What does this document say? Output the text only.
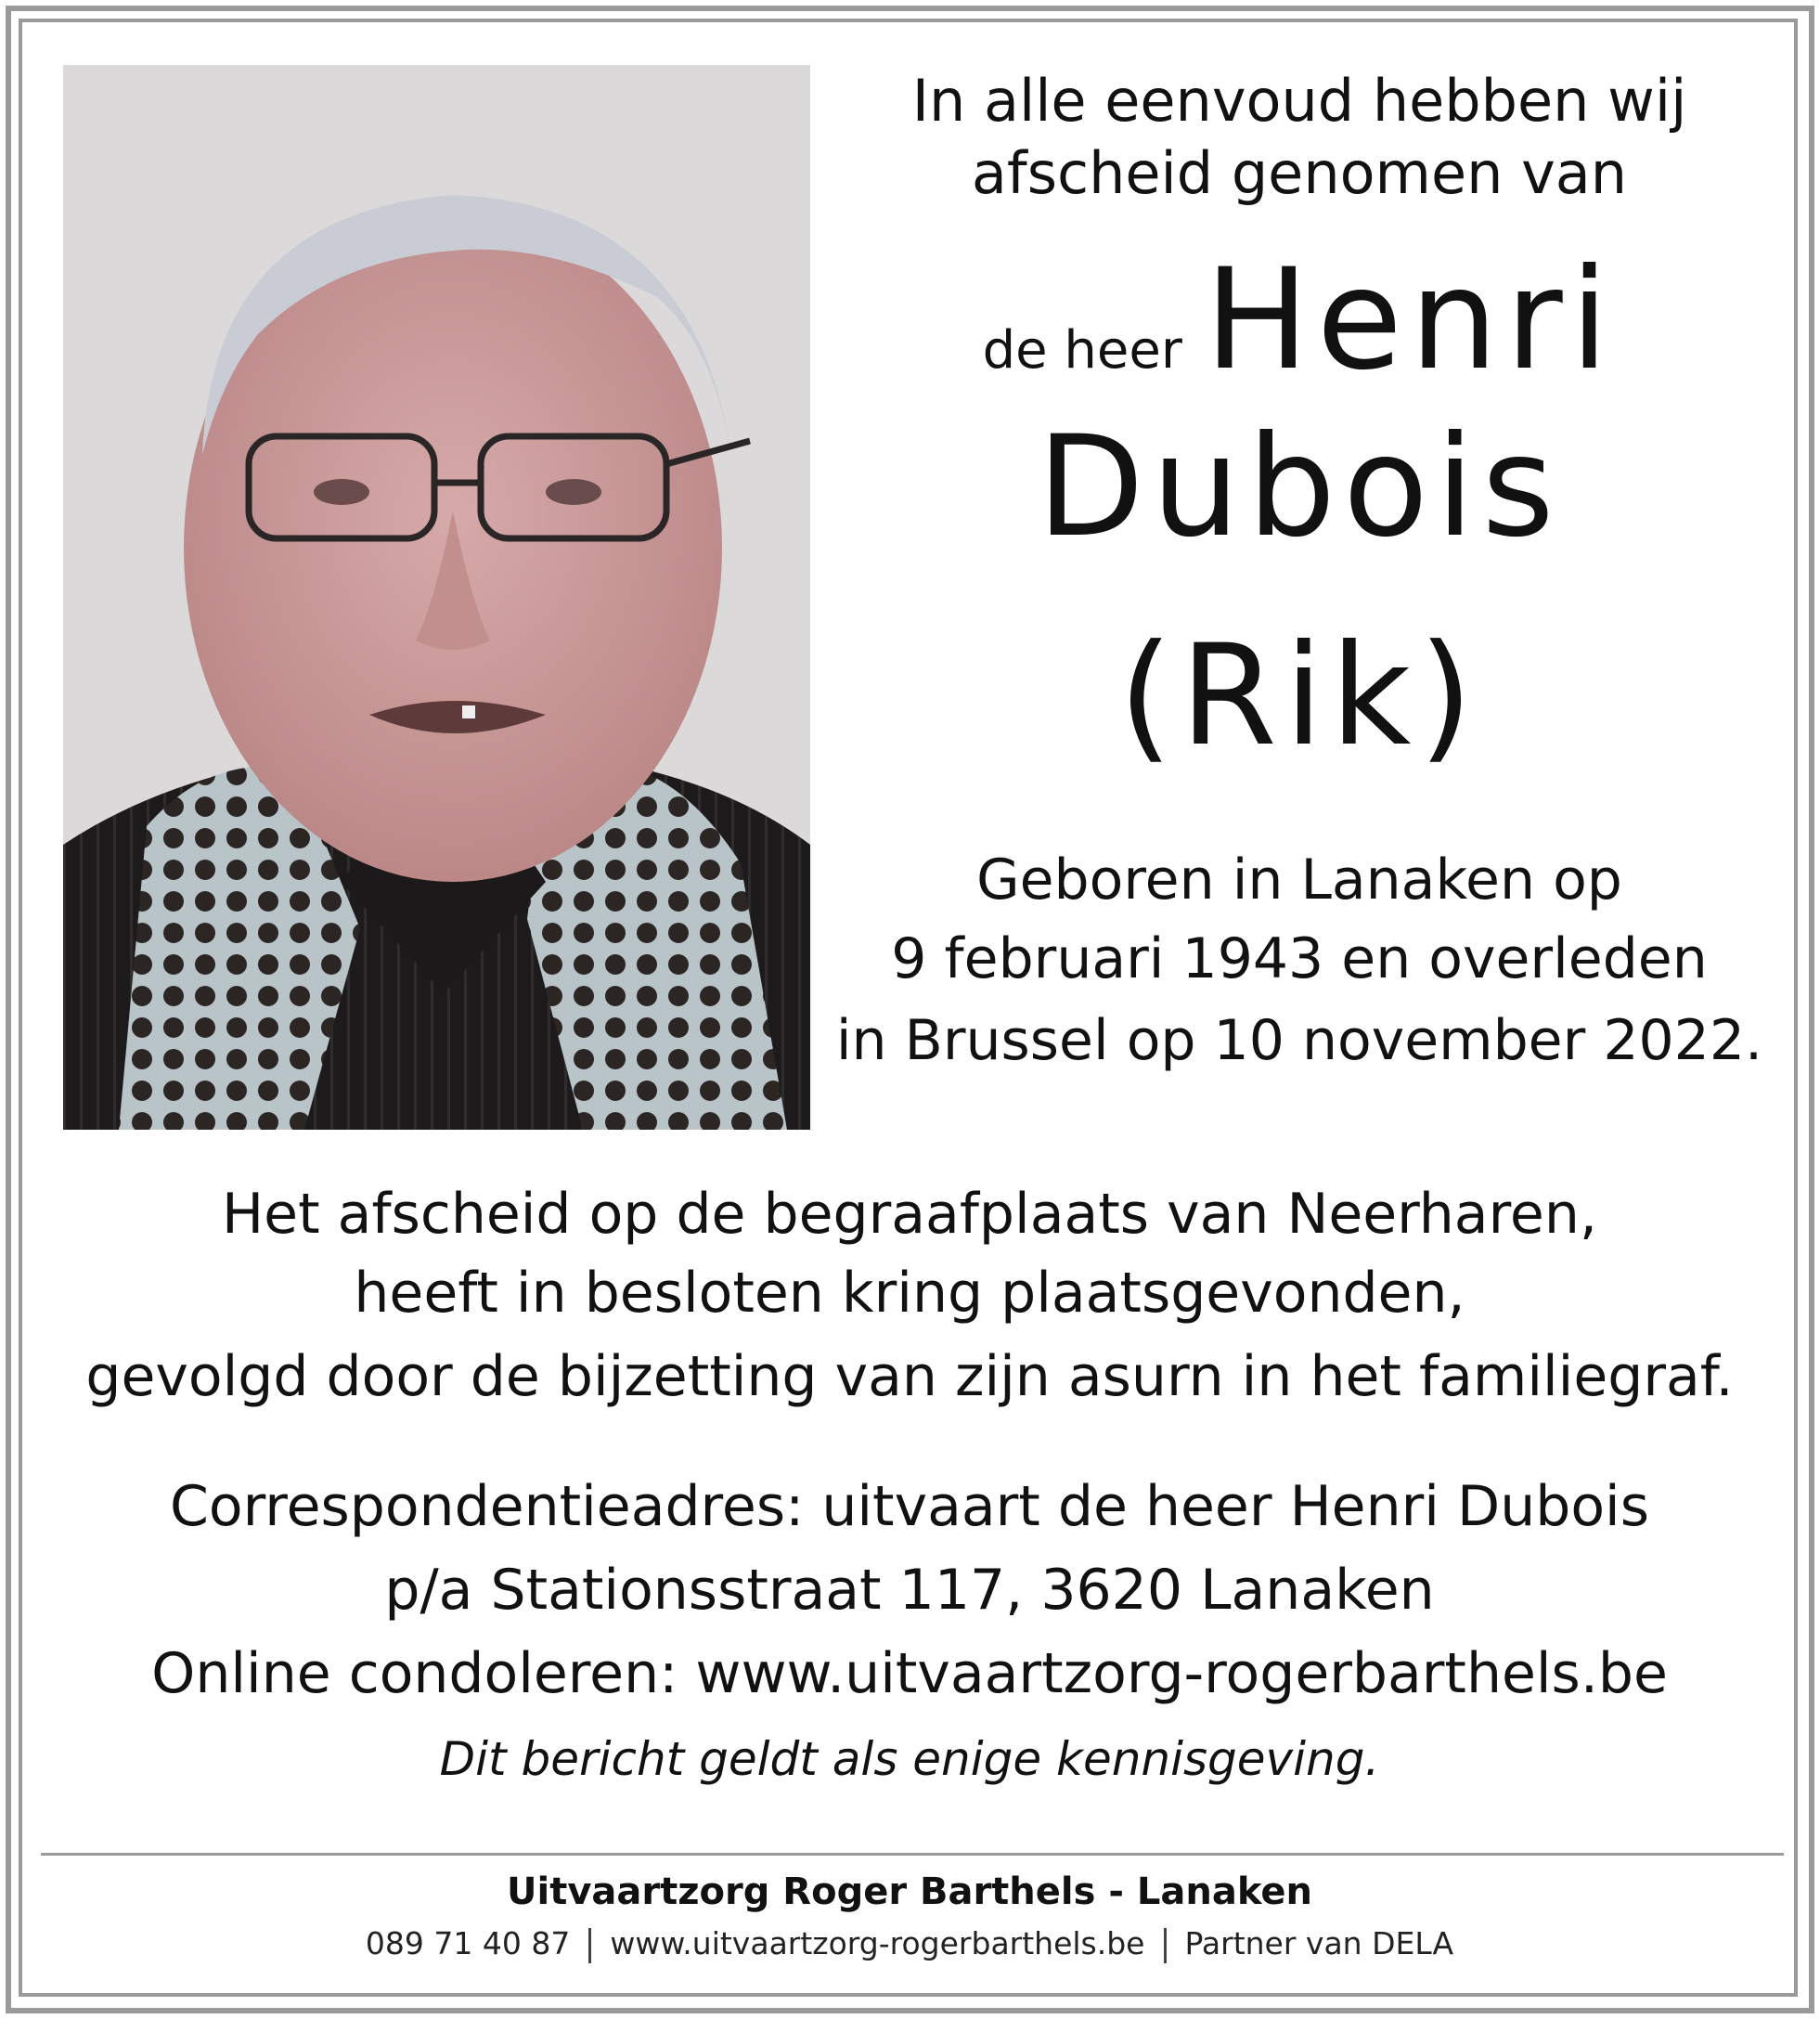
In alle eenvoud hebben wij
afscheid genomen van
de heer Henri
Dubois
(Rik)
Geboren in Lanaken op
9 februari 1943 en overleden
in Brussel op 10 november 2022.
Het afscheid op de begraafplaats van Neerharen,
heeft in besloten kring plaatsgevonden,
gevolgd door de bijzetting van zijn asurn in het familiegraf.
Correspondentieadres: uitvaart de heer Henri Dubois
p/a Stationsstraat 117, 3620 Lanaken
Online condoleren: www.uitvaartzorg-rogerbarthels.be
Dit bericht geldt als enige kennisgeving.
Uitvaartzorg Roger Barthels - Lanaken
089 71 40 87 www.uitvaartzorg-rogerbarthels.be Partner van DELA
